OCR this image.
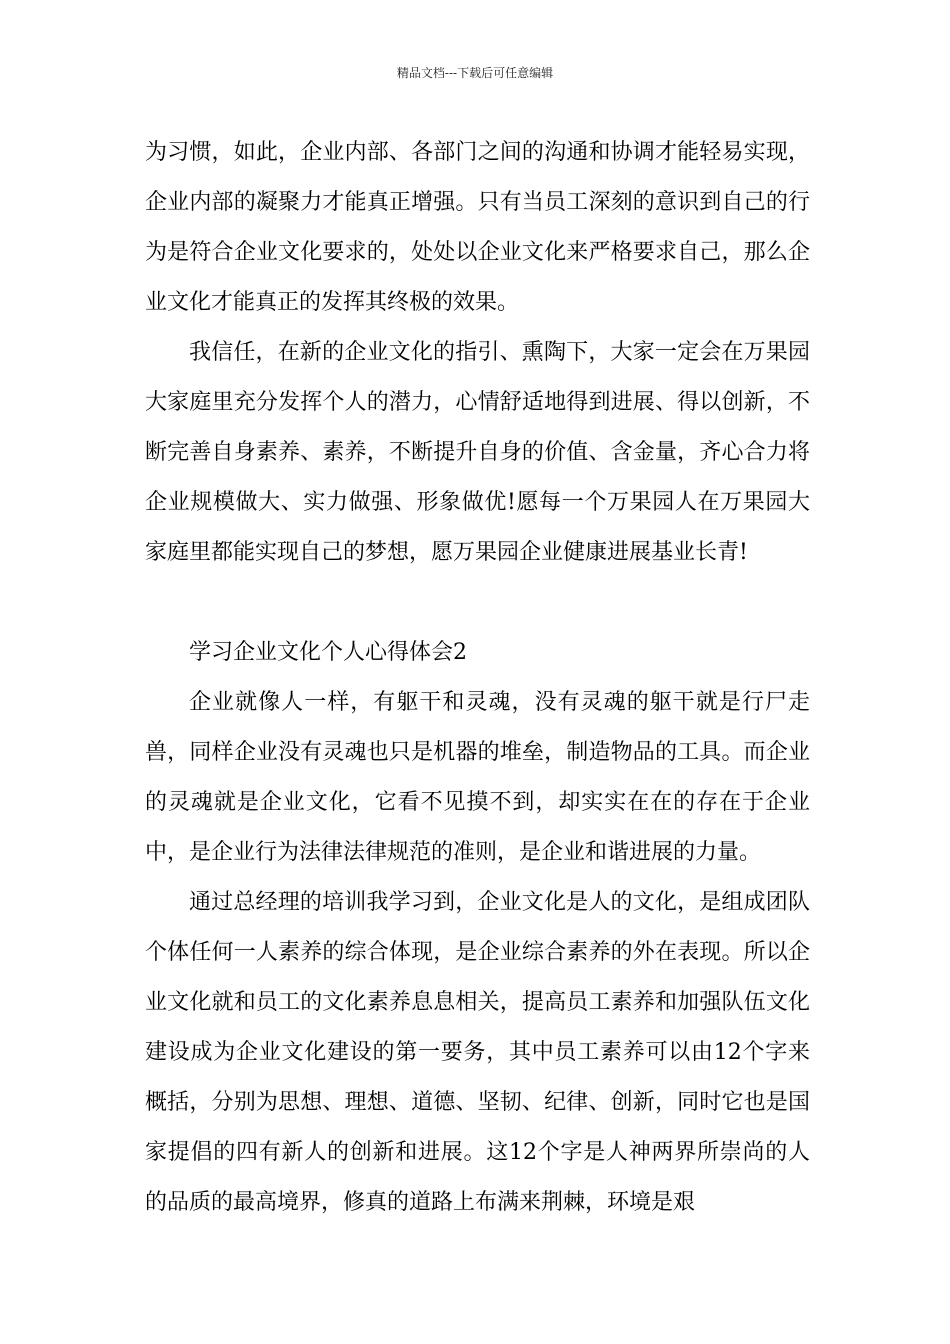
精品文档---下载后可任意编辑

为习惯，如此，企业内部、各部门之间的沟通和协调才能轻易实现，企业内部的凝聚力才能真正增强。只有当员工深刻的意识到自己的行为是符合企业文化要求的，处处以企业文化来严格要求自己，那么企业文化才能真正的发挥其终极的效果。

我信任，在新的企业文化的指引、熏陶下，大家一定会在万果园大家庭里充分发挥个人的潜力，心情舒适地得到进展、得以创新，不断完善自身素养、素养，不断提升自身的价值、含金量，齐心合力将企业规模做大、实力做强、形象做优!愿每一个万果园人在万果园大家庭里都能实现自己的梦想，愿万果园企业健康进展基业长青!

学习企业文化个人心得体会2

企业就像人一样，有躯干和灵魂，没有灵魂的躯干就是行尸走兽，同样企业没有灵魂也只是机器的堆垒，制造物品的工具。而企业的灵魂就是企业文化，它看不见摸不到，却实实在在的存在于企业中，是企业行为法律法律规范的准则，是企业和谐进展的力量。

通过总经理的培训我学习到，企业文化是人的文化，是组成团队个体任何一人素养的综合体现，是企业综合素养的外在表现。所以企业文化就和员工的文化素养息息相关，提高员工素养和加强队伍文化建设成为企业文化建设的第一要务，其中员工素养可以由12个字来概括，分别为思想、理想、道德、坚韧、纪律、创新，同时它也是国家提倡的四有新人的创新和进展。这12个字是人神两界所崇尚的人的品质的最高境界，修真的道路上布满来荆棘，环境是艰
